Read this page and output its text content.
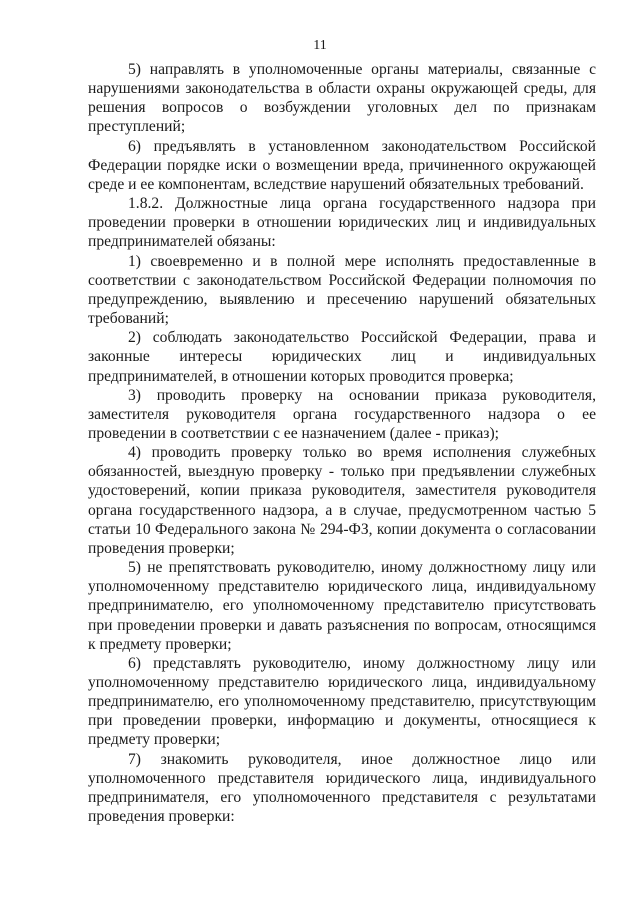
11

5) направлять в уполномоченные органы материалы, связанные с нарушениями законодательства в области охраны окружающей среды, для решения вопросов о возбуждении уголовных дел по признакам преступлений;

6) предъявлять в установленном законодательством Российской Федерации порядке иски о возмещении вреда, причиненного окружающей среде и ее компонентам, вследствие нарушений обязательных требований.

1.8.2. Должностные лица органа государственного надзора при проведении проверки в отношении юридических лиц и индивидуальных предпринимателей обязаны:

1) своевременно и в полной мере исполнять предоставленные в соответствии с законодательством Российской Федерации полномочия по предупреждению, выявлению и пресечению нарушений обязательных требований;

2) соблюдать законодательство Российской Федерации, права и законные интересы юридических лиц и индивидуальных предпринимателей, в отношении которых проводится проверка;

3) проводить проверку на основании приказа руководителя, заместителя руководителя органа государственного надзора о ее проведении в соответствии с ее назначением (далее - приказ);

4) проводить проверку только во время исполнения служебных обязанностей, выездную проверку - только при предъявлении служебных удостоверений, копии приказа руководителя, заместителя руководителя органа государственного надзора, а в случае, предусмотренном частью 5 статьи 10 Федерального закона № 294-ФЗ, копии документа о согласовании проведения проверки;

5) не препятствовать руководителю, иному должностному лицу или уполномоченному представителю юридического лица, индивидуальному предпринимателю, его уполномоченному представителю присутствовать при проведении проверки и давать разъяснения по вопросам, относящимся к предмету проверки;

6) представлять руководителю, иному должностному лицу или уполномоченному представителю юридического лица, индивидуальному предпринимателю, его уполномоченному представителю, присутствующим при проведении проверки, информацию и документы, относящиеся к предмету проверки;

7) знакомить руководителя, иное должностное лицо или уполномоченного представителя юридического лица, индивидуального предпринимателя, его уполномоченного представителя с результатами проведения проверки:
